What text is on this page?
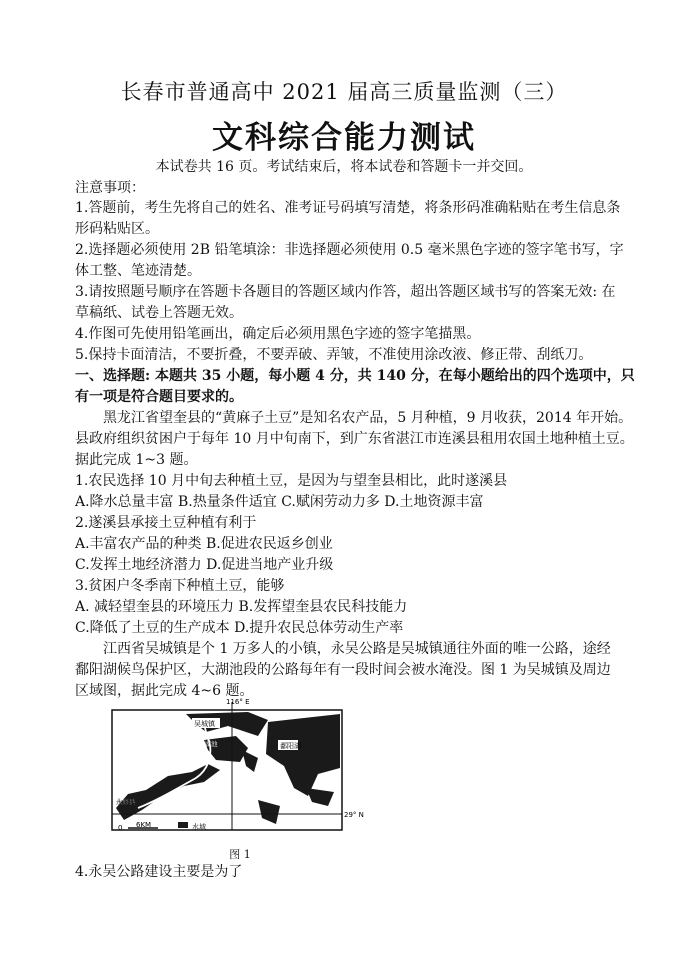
长春市普通高中 2021 届高三质量监测（三）
文科综合能力测试
本试卷共 16 页。考试结束后，将本试卷和答题卡一并交回。
注意事项：
1.答题前，考生先将自己的姓名、准考证号码填写清楚，将条形码准确粘贴在考生信息条
形码粘贴区。
2.选择题必须使用 2B 铅笔填涂：非选择题必须使用 0.5 毫米黑色字迹的签字笔书写，字
体工整、笔迹清楚。
3.请按照题号顺序在答题卡各题目的答题区域内作答，超出答题区域书写的答案无效: 在
草稿纸、试卷上答题无效。
4.作图可先使用铅笔画出，确定后必须用黑色字迹的签字笔描黑。
5.保持卡面清洁，不要折叠，不要弄破、弄皱，不准使用涂改液、修正带、刮纸刀。
一、选择题: 本题共 35 小题，每小题 4 分，共 140 分，在每小题给出的四个选项中，只
有一项是符合题目要求的。
黑龙江省望奎县的“黄麻子土豆”是知名农产品，5 月种植，9 月收获，2014 年开始。
县政府组织贫困户于每年 10 月中旬南下，到广东省湛江市连溪县租用农国土地种植土豆。
据此完成 1~3 题。
1.农民选择 10 月中旬去种植土豆，是因为与望奎县相比，此时遂溪县
A.降水总量丰富 B.热量条件适宜 C.赋闲劳动力多 D.土地资源丰富
2.遂溪县承接土豆种植有利于
A.丰富农产品的种类 B.促进农民返乡创业
C.发挥土地经济潜力 D.促进当地产业升级
3.贫困户冬季南下种植土豆，能够
A. 减轻望奎县的环境压力 B.发挥望奎县农民科技能力
C.降低了土豆的生产成本 D.提升农民总体劳动生产率
江西省吴城镇是个 1 万多人的小镇，永吴公路是吴城镇通往外面的唯一公路，途经
鄱阳湖候鸟保护区，大湖池段的公路每年有一段时间会被水淹没。图 1 为吴城镇及周边
区域图，据此完成 4~6 题。
116° E
29° N
吴城镇
大湖池	鄱阳湖
永修县
0 6KM	水域
图 1
4.永吴公路建设主要是为了
